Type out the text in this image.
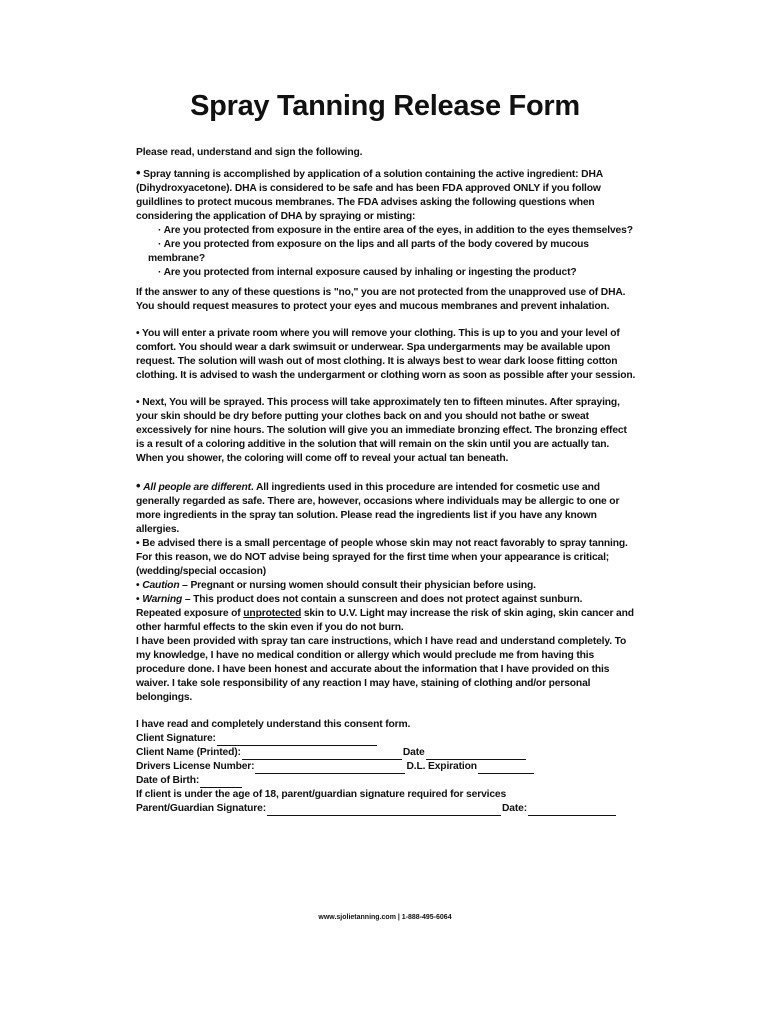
Spray Tanning Release Form

Please read, understand and sign the following.

• Spray tanning is accomplished by application of a solution containing the active ingredient: DHA (Dihydroxyacetone). DHA is considered to be safe and has been FDA approved ONLY if you follow guildlines to protect mucous membranes. The FDA advises asking the following questions when considering the application of DHA by spraying or misting:

· Are you protected from exposure in the entire area of the eyes, in addition to the eyes themselves?

· Are you protected from exposure on the lips and all parts of the body covered by mucous membrane?

· Are you protected from internal exposure caused by inhaling or ingesting the product?

If the answer to any of these questions is "no," you are not protected from the unapproved use of DHA. You should request measures to protect your eyes and mucous membranes and prevent inhalation.

• You will enter a private room where you will remove your clothing. This is up to you and your level of comfort. You should wear a dark swimsuit or underwear. Spa undergarments may be available upon request. The solution will wash out of most clothing. It is always best to wear dark loose fitting cotton clothing. It is advised to wash the undergarment or clothing worn as soon as possible after your session.

• Next, You will be sprayed. This process will take approximately ten to fifteen minutes. After spraying, your skin should be dry before putting your clothes back on and you should not bathe or sweat excessively for nine hours. The solution will give you an immediate bronzing effect. The bronzing effect is a result of a coloring additive in the solution that will remain on the skin until you are actually tan. When you shower, the coloring will come off to reveal your actual tan beneath.

• All people are different. All ingredients used in this procedure are intended for cosmetic use and generally regarded as safe. There are, however, occasions where individuals may be allergic to one or more ingredients in the spray tan solution. Please read the ingredients list if you have any known allergies.

• Be advised there is a small percentage of people whose skin may not react favorably to spray tanning. For this reason, we do NOT advise being sprayed for the first time when your appearance is critical; (wedding/special occasion)

• Caution – Pregnant or nursing women should consult their physician before using.

• Warning – This product does not contain a sunscreen and does not protect against sunburn.

Repeated exposure of unprotected skin to U.V. Light may increase the risk of skin aging, skin cancer and other harmful effects to the skin even if you do not burn.

I have been provided with spray tan care instructions, which I have read and understand completely. To my knowledge, I have no medical condition or allergy which would preclude me from having this procedure done. I have been honest and accurate about the information that I have provided on this waiver. I take sole responsibility of any reaction I may have, staining of clothing and/or personal belongings.

I have read and completely understand this consent form.

Client Signature:
Client Name (Printed):	Date
Drivers License Number:	D.L. Expiration
Date of Birth:

If client is under the age of 18, parent/guardian signature required for services

Parent/Guardian Signature:	Date:
www.sjolietanning.com | 1-888-495-6064
